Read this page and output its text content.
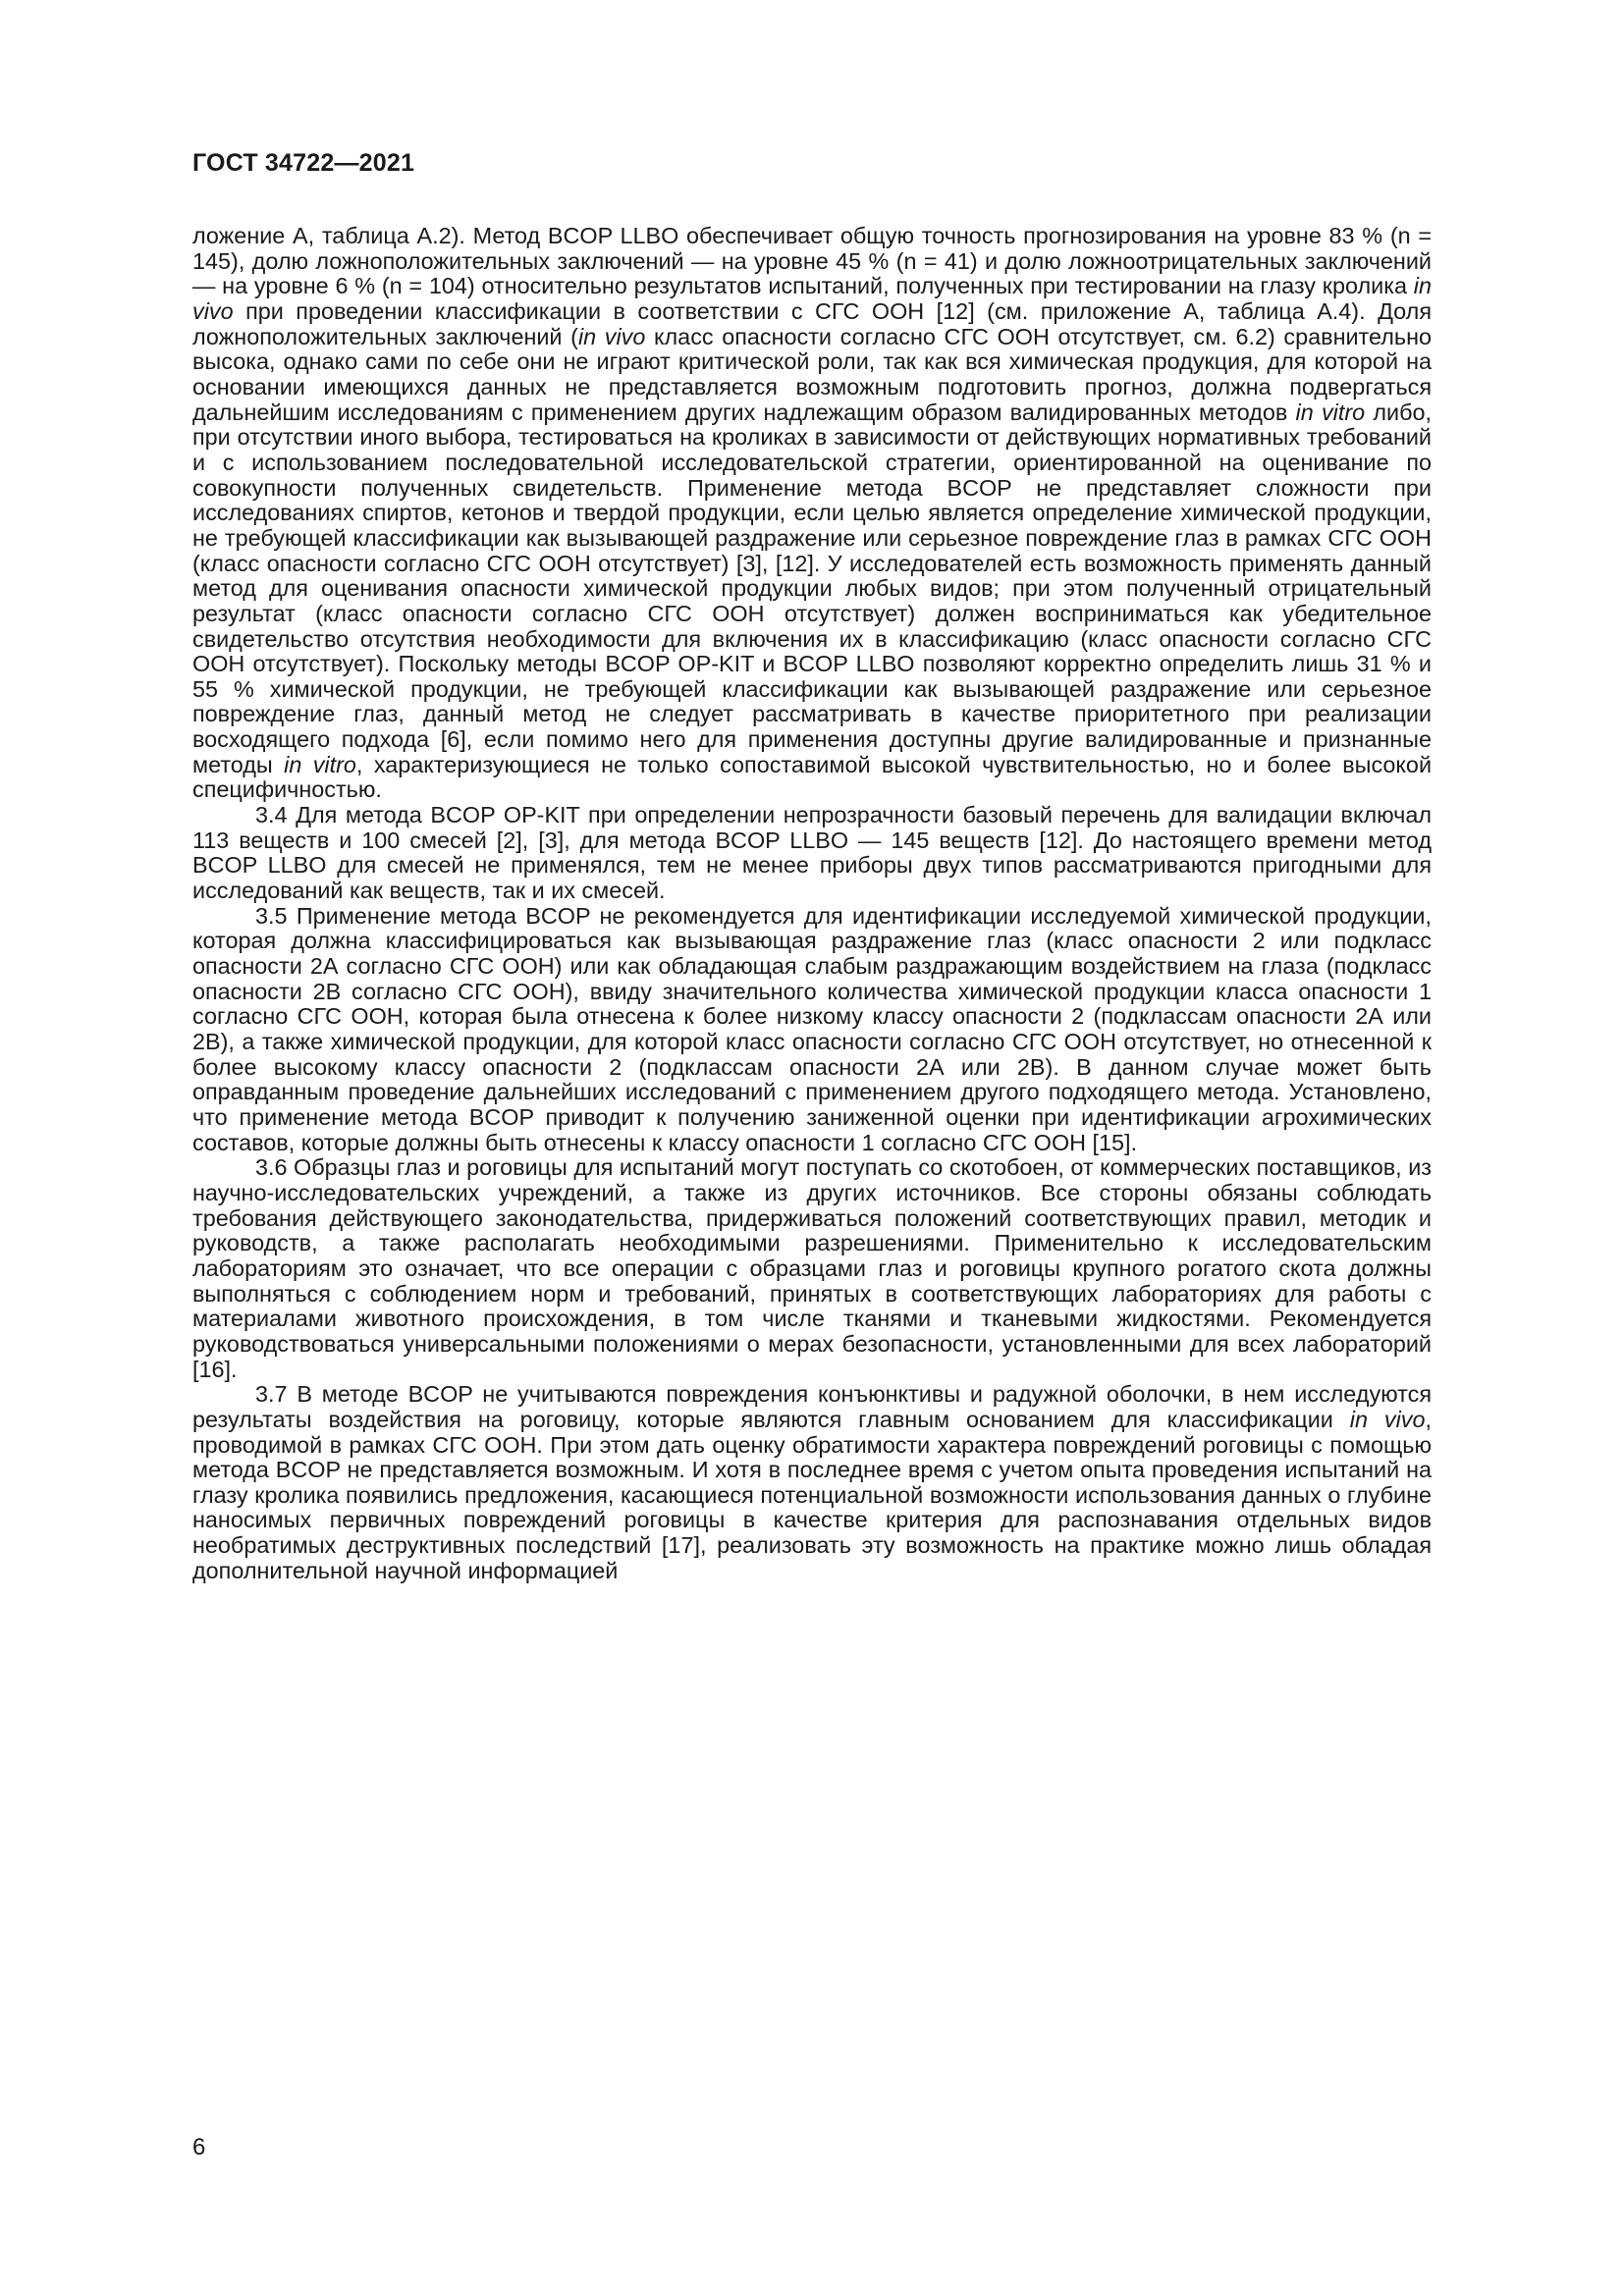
ГОСТ 34722—2021

ложение А, таблица А.2). Метод BCOP LLBO обеспечивает общую точность прогнозирования на уровне 83 % (n = 145), долю ложноположительных заключений — на уровне 45 % (n = 41) и долю ложноотрицательных заключений — на уровне 6 % (n = 104) относительно результатов испытаний, полученных при тестировании на глазу кролика in vivo при проведении классификации в соответствии с СГС ООН [12] (см. приложение А, таблица А.4). Доля ложноположительных заключений (in vivo класс опасности согласно СГС ООН отсутствует, см. 6.2) сравнительно высока, однако сами по себе они не играют критической роли, так как вся химическая продукция, для которой на основании имеющихся данных не представляется возможным подготовить прогноз, должна подвергаться дальнейшим исследованиям с применением других надлежащим образом валидированных методов in vitro либо, при отсутствии иного выбора, тестироваться на кроликах в зависимости от действующих нормативных требований и с использованием последовательной исследовательской стратегии, ориентированной на оценивание по совокупности полученных свидетельств. Применение метода BCOP не представляет сложности при исследованиях спиртов, кетонов и твердой продукции, если целью является определение химической продукции, не требующей классификации как вызывающей раздражение или серьезное повреждение глаз в рамках СГС ООН (класс опасности согласно СГС ООН отсутствует) [3], [12]. У исследователей есть возможность применять данный метод для оценивания опасности химической продукции любых видов; при этом полученный отрицательный результат (класс опасности согласно СГС ООН отсутствует) должен восприниматься как убедительное свидетельство отсутствия необходимости для включения их в классификацию (класс опасности согласно СГС ООН отсутствует). Поскольку методы BCOP OP-KIT и BCOP LLBO позволяют корректно определить лишь 31 % и 55 % химической продукции, не требующей классификации как вызывающей раздражение или серьезное повреждение глаз, данный метод не следует рассматривать в качестве приоритетного при реализации восходящего подхода [6], если помимо него для применения доступны другие валидированные и признанные методы in vitro, характеризующиеся не только сопоставимой высокой чувствительностью, но и более высокой специфичностью.

3.4 Для метода BCOP OP-KIT при определении непрозрачности базовый перечень для валидации включал 113 веществ и 100 смесей [2], [3], для метода BCOP LLBO — 145 веществ [12]. До настоящего времени метод BCOP LLBO для смесей не применялся, тем не менее приборы двух типов рассматриваются пригодными для исследований как веществ, так и их смесей.

3.5 Применение метода BCOP не рекомендуется для идентификации исследуемой химической продукции, которая должна классифицироваться как вызывающая раздражение глаз (класс опасности 2 или подкласс опасности 2А согласно СГС ООН) или как обладающая слабым раздражающим воздействием на глаза (подкласс опасности 2В согласно СГС ООН), ввиду значительного количества химической продукции класса опасности 1 согласно СГС ООН, которая была отнесена к более низкому классу опасности 2 (подклассам опасности 2А или 2В), а также химической продукции, для которой класс опасности согласно СГС ООН отсутствует, но отнесенной к более высокому классу опасности 2 (подклассам опасности 2А или 2В). В данном случае может быть оправданным проведение дальнейших исследований с применением другого подходящего метода. Установлено, что применение метода BCOP приводит к получению заниженной оценки при идентификации агрохимических составов, которые должны быть отнесены к классу опасности 1 согласно СГС ООН [15].

3.6 Образцы глаз и роговицы для испытаний могут поступать со скотобоен, от коммерческих поставщиков, из научно-исследовательских учреждений, а также из других источников. Все стороны обязаны соблюдать требования действующего законодательства, придерживаться положений соответствующих правил, методик и руководств, а также располагать необходимыми разрешениями. Применительно к исследовательским лабораториям это означает, что все операции с образцами глаз и роговицы крупного рогатого скота должны выполняться с соблюдением норм и требований, принятых в соответствующих лабораториях для работы с материалами животного происхождения, в том числе тканями и тканевыми жидкостями. Рекомендуется руководствоваться универсальными положениями о мерах безопасности, установленными для всех лабораторий [16].

3.7 В методе BCOP не учитываются повреждения конъюнктивы и радужной оболочки, в нем исследуются результаты воздействия на роговицу, которые являются главным основанием для классификации in vivo, проводимой в рамках СГС ООН. При этом дать оценку обратимости характера повреждений роговицы с помощью метода BCOP не представляется возможным. И хотя в последнее время с учетом опыта проведения испытаний на глазу кролика появились предложения, касающиеся потенциальной возможности использования данных о глубине наносимых первичных повреждений роговицы в качестве критерия для распознавания отдельных видов необратимых деструктивных последствий [17], реализовать эту возможность на практике можно лишь обладая дополнительной научной информацией

6
